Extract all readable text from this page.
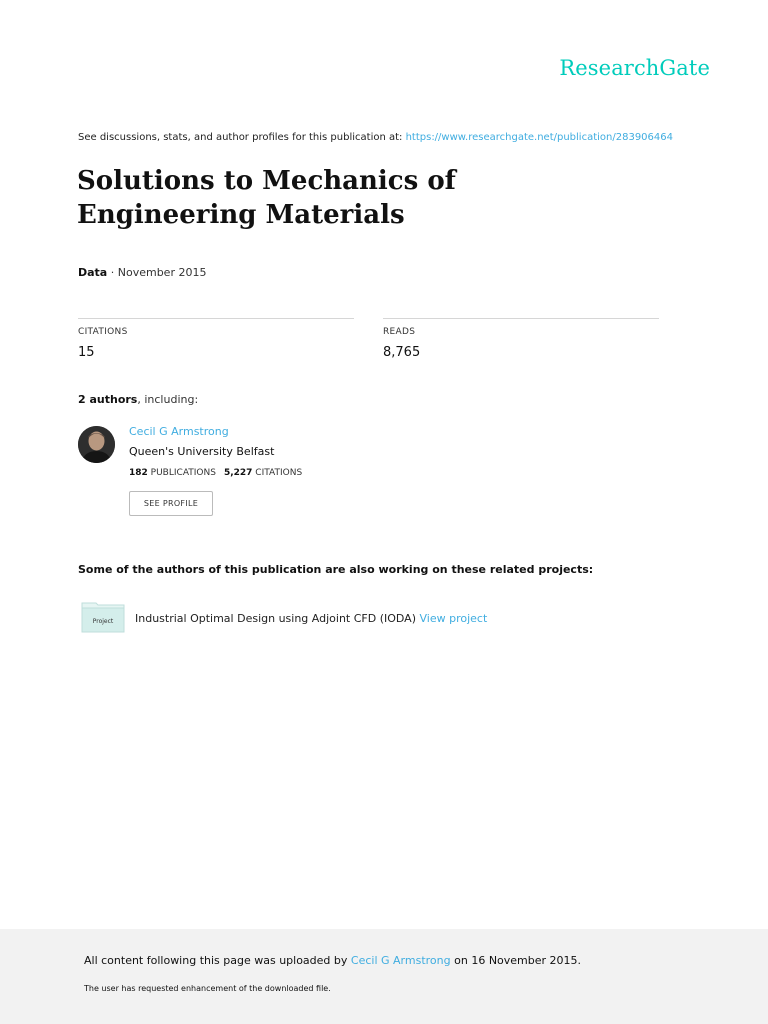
ResearchGate
See discussions, stats, and author profiles for this publication at: https://www.researchgate.net/publication/283906464
Solutions to Mechanics of Engineering Materials
Data · November 2015
CITATIONS
15
READS
8,765
2 authors, including:
Cecil G Armstrong
Queen's University Belfast
182 PUBLICATIONS 5,227 CITATIONS
SEE PROFILE
Some of the authors of this publication are also working on these related projects:
Project Industrial Optimal Design using Adjoint CFD (IODA) View project
All content following this page was uploaded by Cecil G Armstrong on 16 November 2015.
The user has requested enhancement of the downloaded file.
